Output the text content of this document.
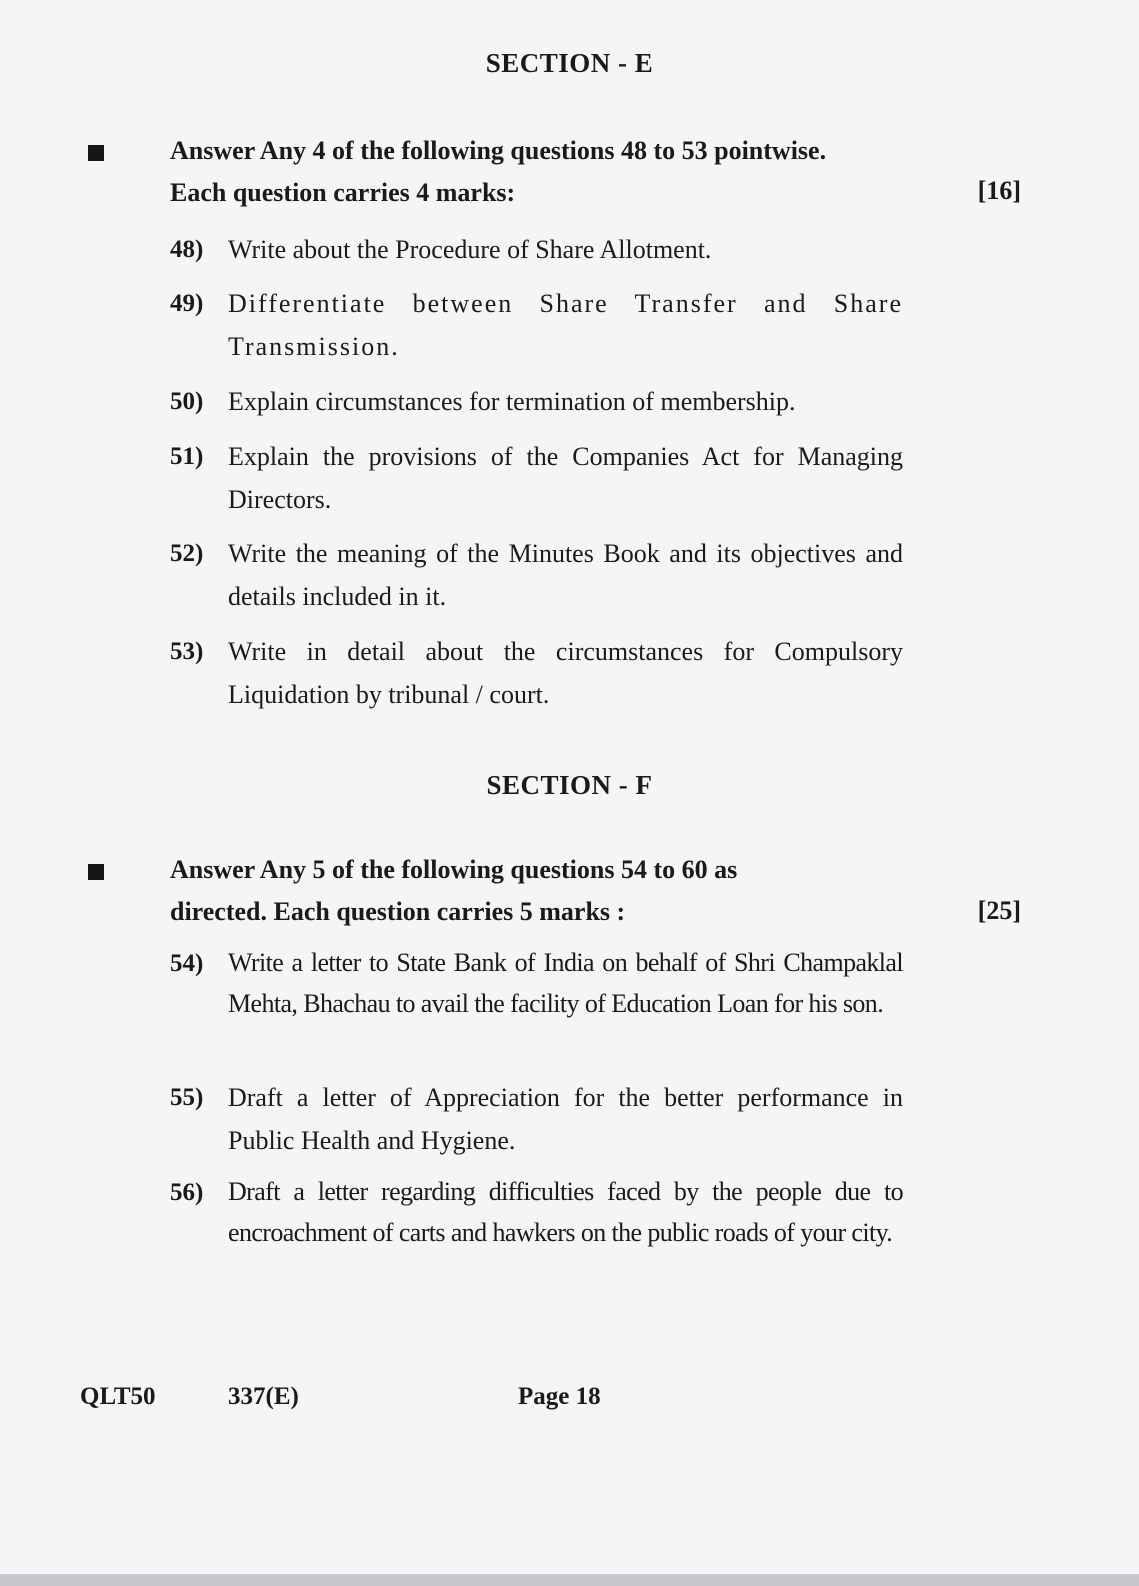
SECTION - E
Answer Any 4 of the following questions 48 to 53 pointwise.
Each question carries 4 marks:	[16]
48) Write about the Procedure of Share Allotment.
49) Differentiate between Share Transfer and Share Transmission.
50) Explain circumstances for termination of membership.
51) Explain the provisions of the Companies Act for Managing Directors.
52) Write the meaning of the Minutes Book and its objectives and details included in it.
53) Write in detail about the circumstances for Compulsory Liquidation by tribunal / court.
SECTION - F
Answer Any 5 of the following questions 54 to 60 as
directed. Each question carries 5 marks :	[25]
54) Write a letter to State Bank of India on behalf of Shri Champaklal Mehta, Bhachau to avail the facility of Education Loan for his son.
55) Draft a letter of Appreciation for the better performance in Public Health and Hygiene.
56) Draft a letter regarding difficulties faced by the people due to encroachment of carts and hawkers on the public roads of your city.
QLT50	337(E)	Page 18
